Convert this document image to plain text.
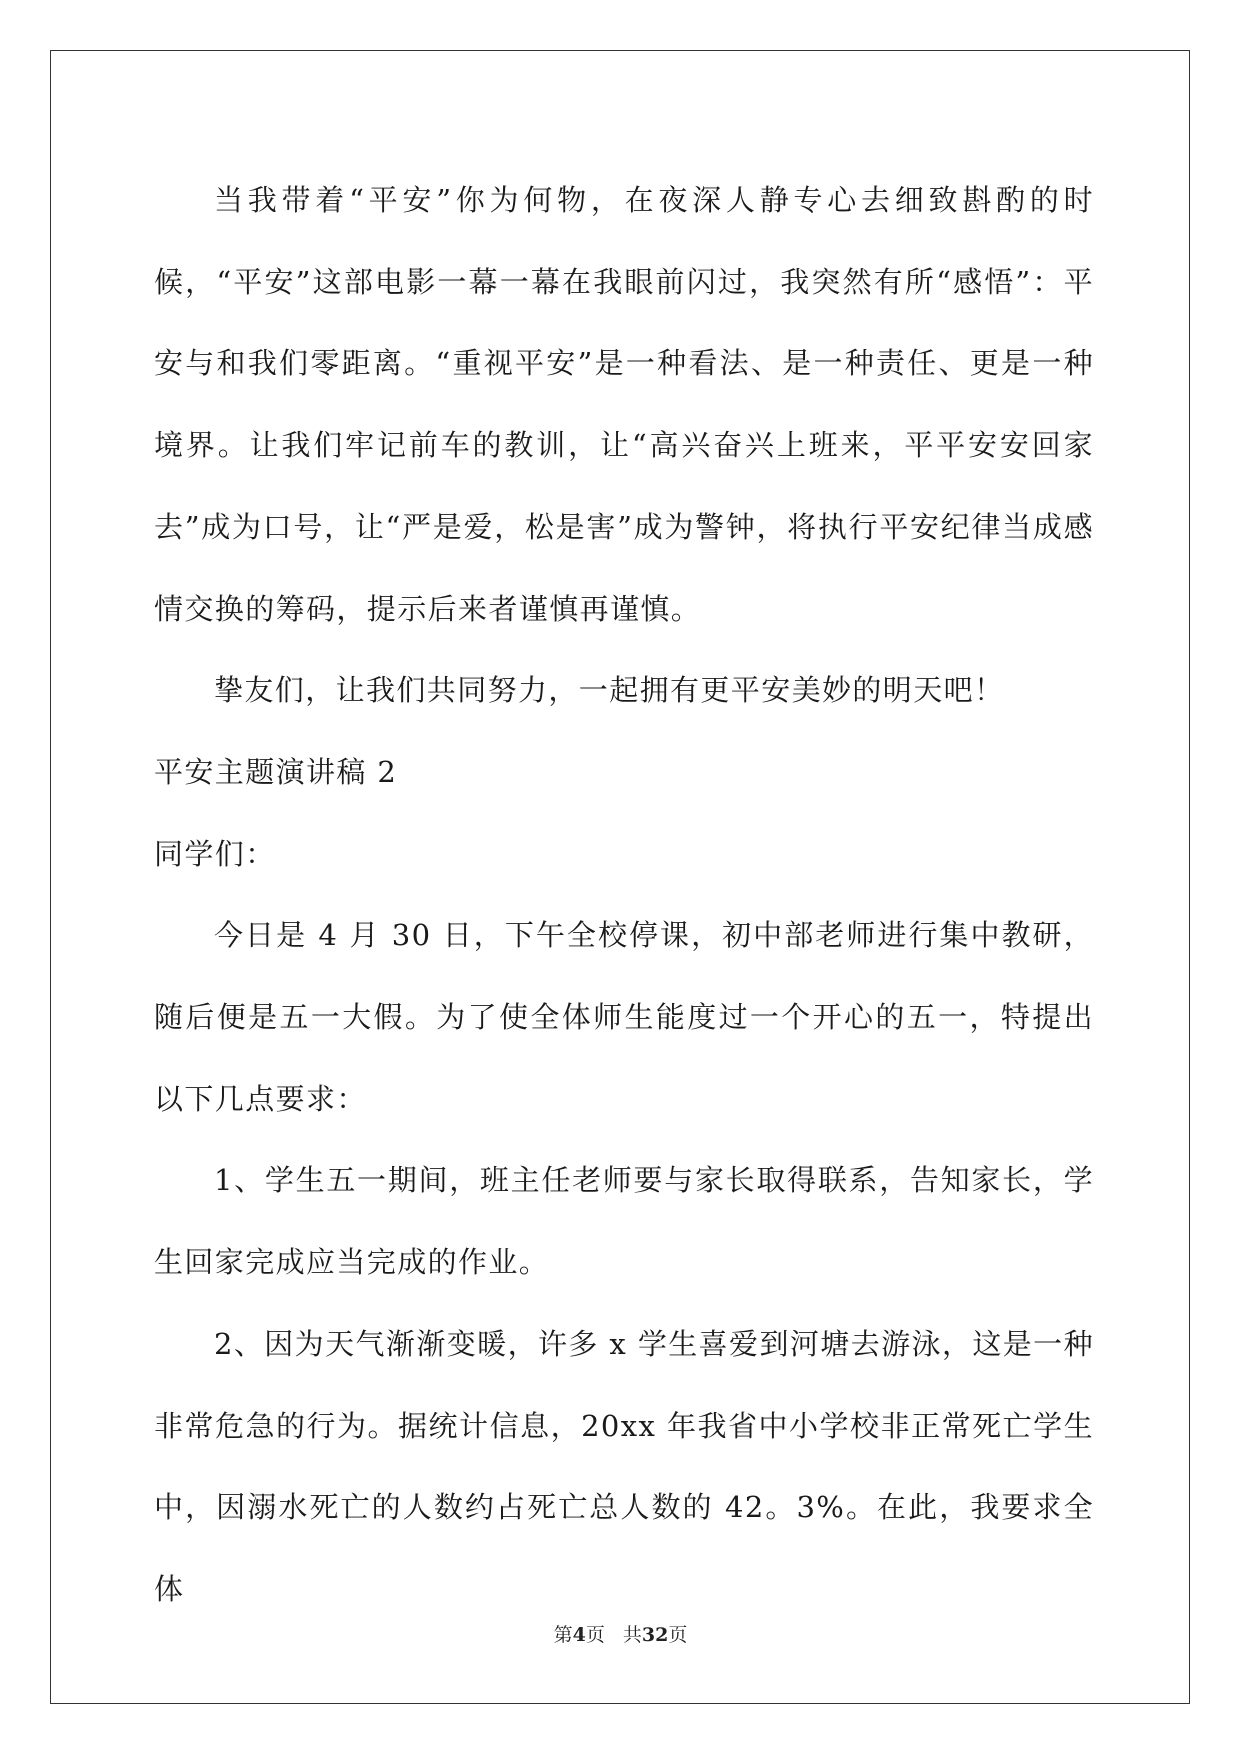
当我带着“平安”你为何物，在夜深人静专心去细致斟酌的时候，“平安”这部电影一幕一幕在我眼前闪过，我突然有所“感悟”：平安与和我们零距离。“重视平安”是一种看法、是一种责任、更是一种境界。让我们牢记前车的教训，让“高兴奋兴上班来，平平安安回家去”成为口号，让“严是爱，松是害”成为警钟，将执行平安纪律当成感情交换的筹码，提示后来者谨慎再谨慎。

挚友们，让我们共同努力，一起拥有更平安美妙的明天吧！

平安主题演讲稿 2

同学们：

今日是 4 月 30 日，下午全校停课，初中部老师进行集中教研，随后便是五一大假。为了使全体师生能度过一个开心的五一，特提出以下几点要求：

1、学生五一期间，班主任老师要与家长取得联系，告知家长，学生回家完成应当完成的作业。

2、因为天气渐渐变暖，许多 x 学生喜爱到河塘去游泳，这是一种非常危急的行为。据统计信息，20xx 年我省中小学校非正常死亡学生中，因溺水死亡的人数约占死亡总人数的 42。3%。在此，我要求全体

第4页 共32页
